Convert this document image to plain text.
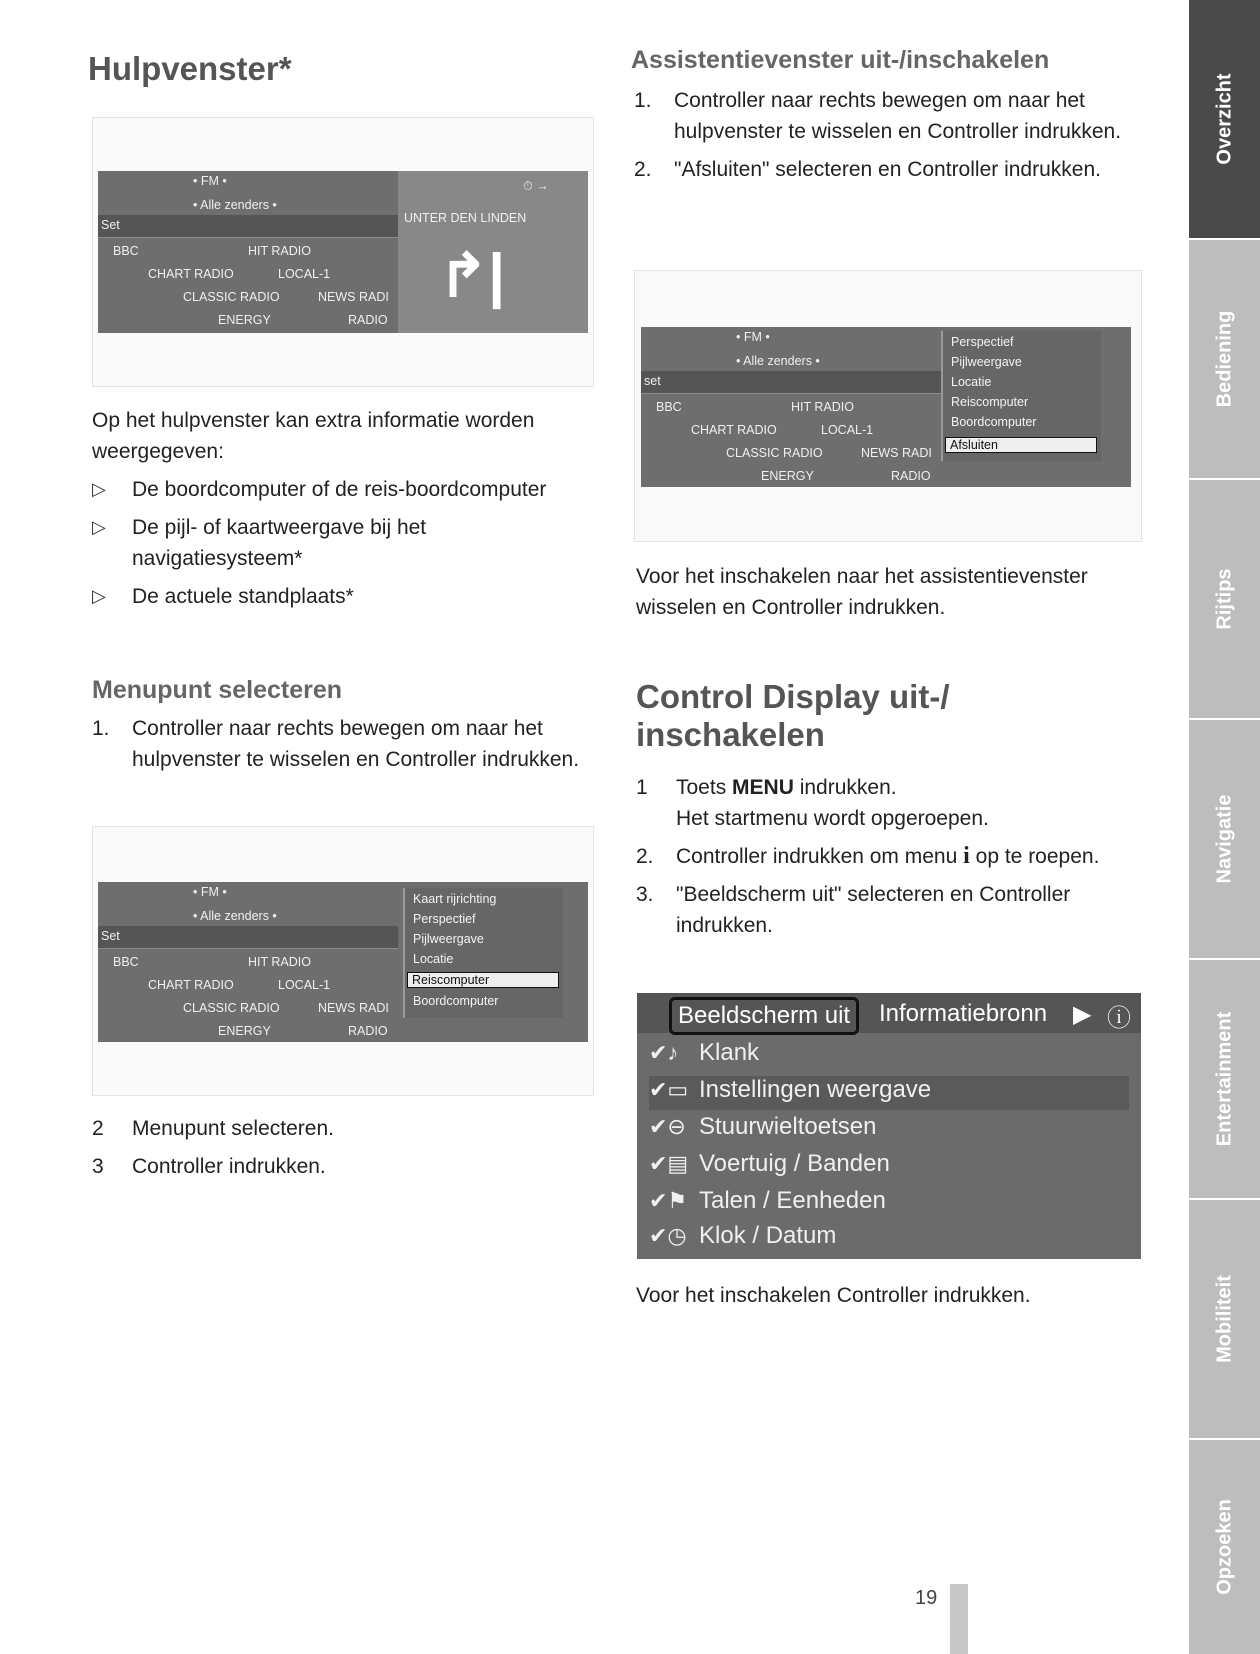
Hulpvenster*
• FM •
• Alle zenders •
Set
BBC	HIT RADIO
CHART RADIO	LOCAL-1
CLASSIC RADIO	NEWS RADI
ENERGY	RADIO
⏱ →
UNTER DEN LINDEN
↱|

Op het hulpvenster kan extra informatie worden weergegeven:

▷ De boordcomputer of de reis-boordcomputer
▷ De pijl- of kaartweergave bij het navigatiesysteem*
▷ De actuele standplaats*
Menupunt selecteren
1. Controller naar rechts bewegen om naar het hulpvenster te wisselen en Controller indrukken.
• FM •
• Alle zenders •
Set
BBC	HIT RADIO
CHART RADIO	LOCAL-1
CLASSIC RADIO	NEWS RADI
ENERGY	RADIO
Kaart rijrichting
Perspectief
Pijlweergave
Locatie
Reiscomputer
Boordcomputer
2 Menupunt selecteren.
3 Controller indrukken.
Assistentievenster uit-/inschakelen
1. Controller naar rechts bewegen om naar het hulpvenster te wisselen en Controller indrukken.
2. "Afsluiten" selecteren en Controller indrukken.
• FM •
• Alle zenders •
set
BBC	HIT RADIO
CHART RADIO	LOCAL-1
CLASSIC RADIO	NEWS RADI
ENERGY	RADIO
Perspectief
Pijlweergave
Locatie
Reiscomputer
Boordcomputer
Afsluiten

Voor het inschakelen naar het assistentievenster wisselen en Controller indrukken.

Control Display uit-/ inschakelen
1 Toets MENU indrukken.
Het startmenu wordt opgeroepen.
2. Controller indrukken om menu i op te roepen.
3. "Beeldscherm uit" selecteren en Controller indrukken.
Beeldscherm uit	Informatiebronn ▶ ⓘ
✔♪ Klank
✔▭ Instellingen weergave
✔⊖ Stuurwieltoetsen
✔▤ Voertuig / Banden
✔⚑ Talen / Eenheden
✔◷ Klok / Datum

Voor het inschakelen Controller indrukken.

19
Overzicht
Bediening
Rijtips
Navigatie
Entertainment
Mobiliteit
Opzoeken
